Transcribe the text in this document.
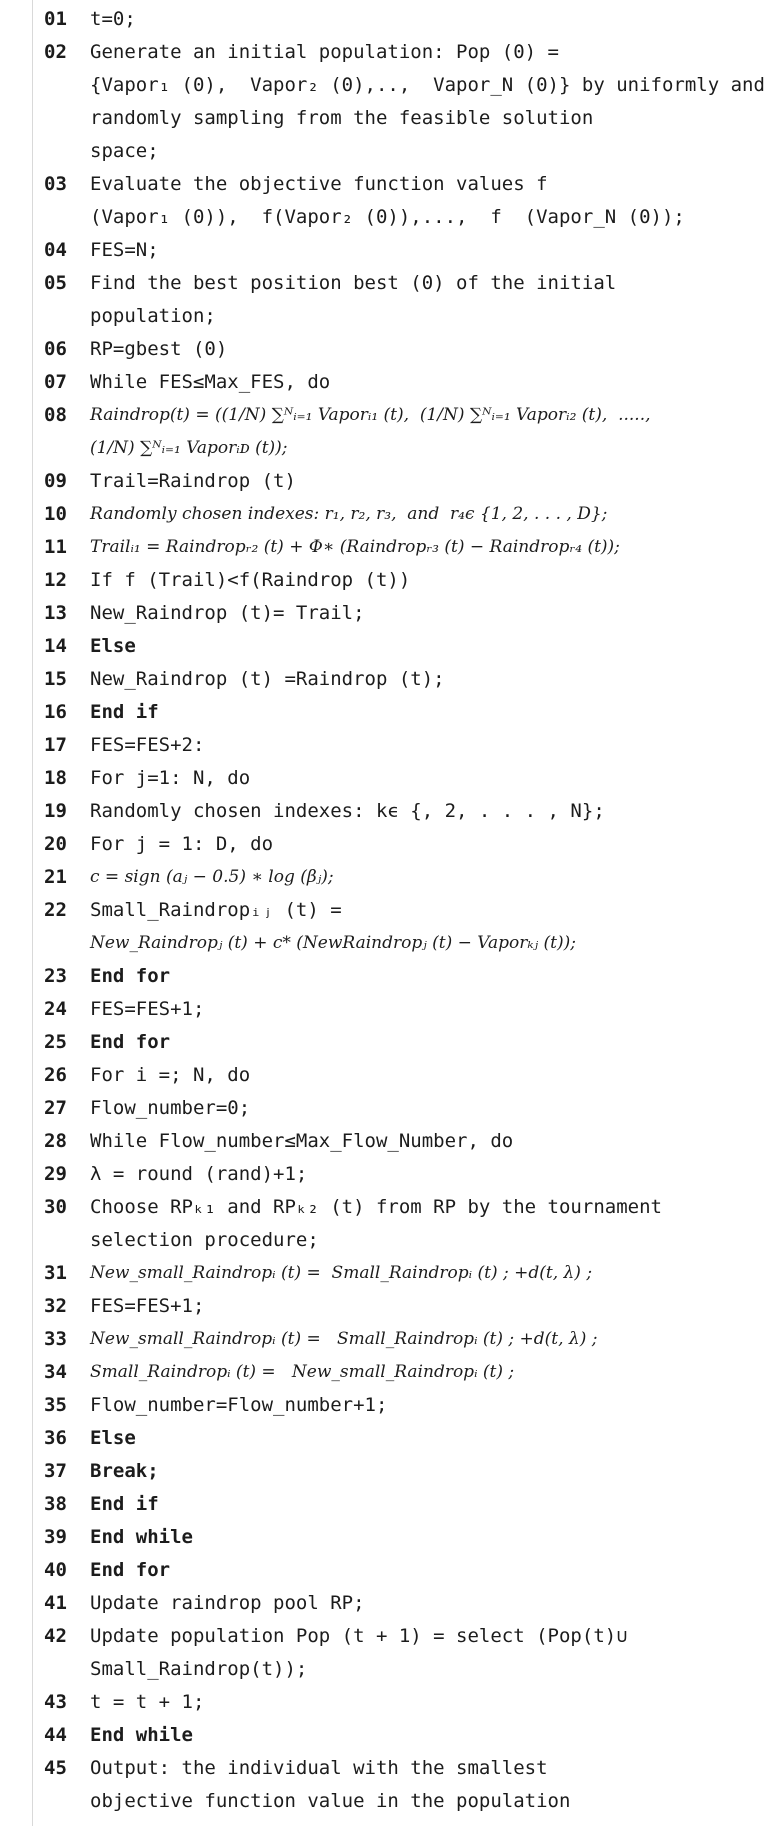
01	t=0;
02	Generate an initial population: Pop (0) =
{Vapor₁ (0),  Vapor₂ (0),..,  Vapor_N (0)} by uniformly and
randomly sampling from the feasible solution
space;
03	Evaluate the objective function values f
(Vapor₁ (0)),  f(Vapor₂ (0)),...,  f  (Vapor_N (0));
04	FES=N;
05	Find the best position best (0) of the initial
population;
06	RP=gbest (0)
07	While FES≤Max_FES, do
08	Raindrop(t) = ((1/N) ∑ᴺᵢ₌₁ Vaporᵢ₁ (t),  (1/N) ∑ᴺᵢ₌₁ Vaporᵢ₂ (t),  .....,
(1/N) ∑ᴺᵢ₌₁ Vaporᵢᴅ (t));
09	Trail=Raindrop (t)
10	Randomly chosen indexes: r₁, r₂, r₃,  and  r₄ϵ {1, 2, . . . , D};
11	Trailᵢ₁ = Raindropᵣ₂ (t) + Φ∗ (Raindropᵣ₃ (t) − Raindropᵣ₄ (t));
12	If f (Trail)<f(Raindrop (t))
13	New_Raindrop (t)= Trail;
14	Else
15	New_Raindrop (t) =Raindrop (t);
16	End if
17	FES=FES+2:
18	For j=1: N, do
19	Randomly chosen indexes: kϵ {, 2, . . . , N};
20	For j = 1: D, do
21	c = sign (aⱼ − 0.5) ∗ log (βⱼ);
22	Small_Raindropᵢⱼ (t) =
New_Raindropⱼ (t) + c* (NewRaindropⱼ (t) − Vaporₖⱼ (t));
23	End for
24	FES=FES+1;
25	End for
26	For i =; N, do
27	Flow_number=0;
28	While Flow_number≤Max_Flow_Number, do
29	λ = round (rand)+1;
30	Choose RPₖ₁ and RPₖ₂ (t) from RP by the tournament
selection procedure;
31	New_small_Raindropᵢ (t) =  Small_Raindropᵢ (t) ; +d(t, λ) ;
32	FES=FES+1;
33	New_small_Raindropᵢ (t) =   Small_Raindropᵢ (t) ; +d(t, λ) ;
34	Small_Raindropᵢ (t) =   New_small_Raindropᵢ (t) ;
35	Flow_number=Flow_number+1;
36	Else
37	Break;
38	End if
39	End while
40	End for
41	Update raindrop pool RP;
42	Update population Pop (t + 1) = select (Pop(t)∪
Small_Raindrop(t));
43	t = t + 1;
44	End while
45	Output: the individual with the smallest
objective function value in the population
